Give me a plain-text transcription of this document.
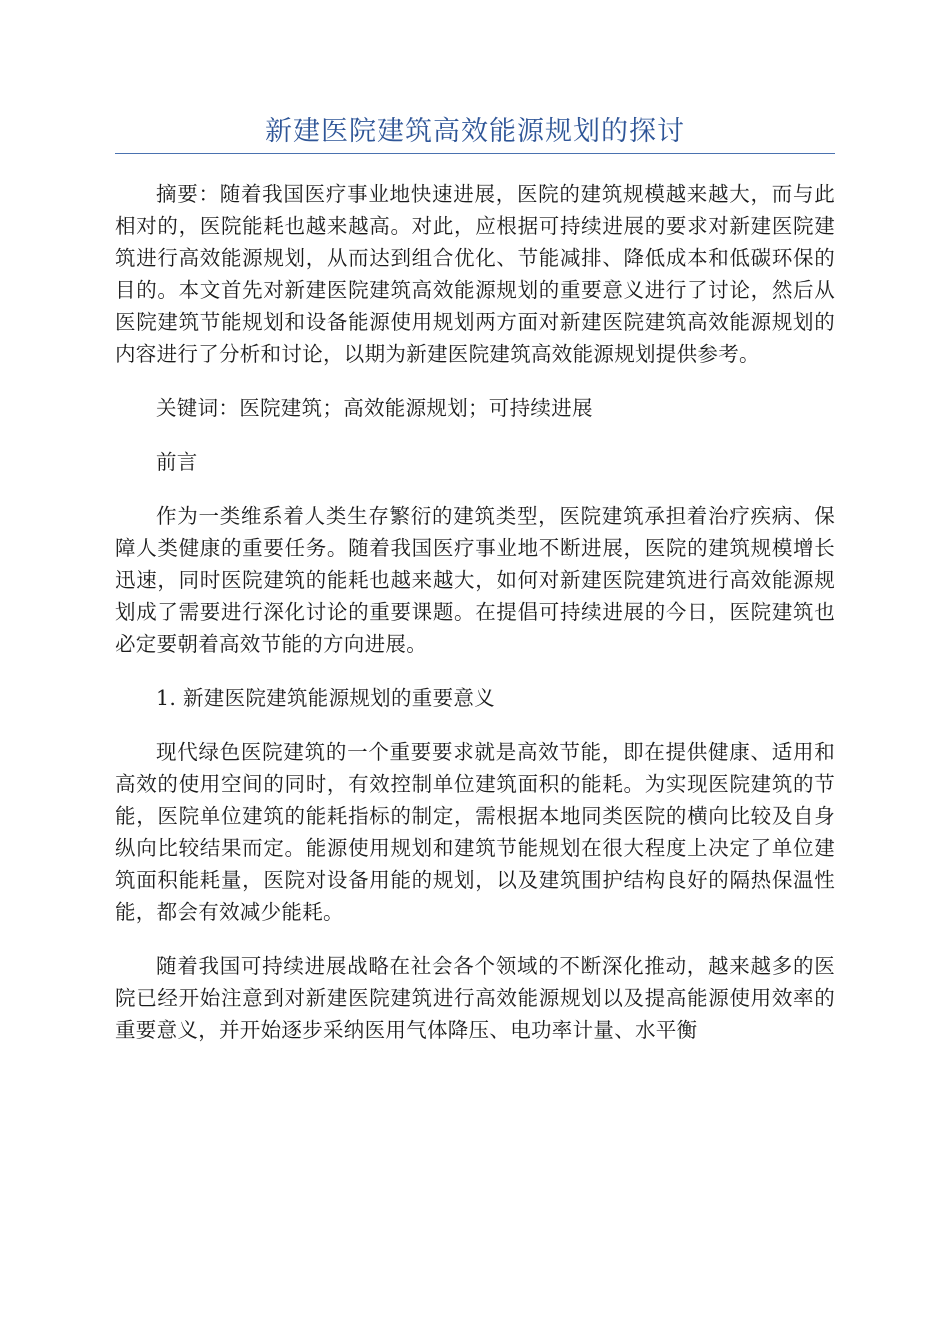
新建医院建筑高效能源规划的探讨

摘要：随着我国医疗事业地快速进展，医院的建筑规模越来越大，而与此相对的，医院能耗也越来越高。对此，应根据可持续进展的要求对新建医院建筑进行高效能源规划，从而达到组合优化、节能减排、降低成本和低碳环保的目的。本文首先对新建医院建筑高效能源规划的重要意义进行了讨论，然后从医院建筑节能规划和设备能源使用规划两方面对新建医院建筑高效能源规划的内容进行了分析和讨论，以期为新建医院建筑高效能源规划提供参考。

关键词：医院建筑；高效能源规划；可持续进展

前言

作为一类维系着人类生存繁衍的建筑类型，医院建筑承担着治疗疾病、保障人类健康的重要任务。随着我国医疗事业地不断进展，医院的建筑规模增长迅速，同时医院建筑的能耗也越来越大，如何对新建医院建筑进行高效能源规划成了需要进行深化讨论的重要课题。在提倡可持续进展的今日，医院建筑也必定要朝着高效节能的方向进展。

1. 新建医院建筑能源规划的重要意义

现代绿色医院建筑的一个重要要求就是高效节能，即在提供健康、适用和高效的使用空间的同时，有效控制单位建筑面积的能耗。为实现医院建筑的节能，医院单位建筑的能耗指标的制定，需根据本地同类医院的横向比较及自身纵向比较结果而定。能源使用规划和建筑节能规划在很大程度上决定了单位建筑面积能耗量，医院对设备用能的规划，以及建筑围护结构良好的隔热保温性能，都会有效减少能耗。

随着我国可持续进展战略在社会各个领域的不断深化推动，越来越多的医院已经开始注意到对新建医院建筑进行高效能源规划以及提高能源使用效率的重要意义，并开始逐步采纳医用气体降压、电功率计量、水平衡
